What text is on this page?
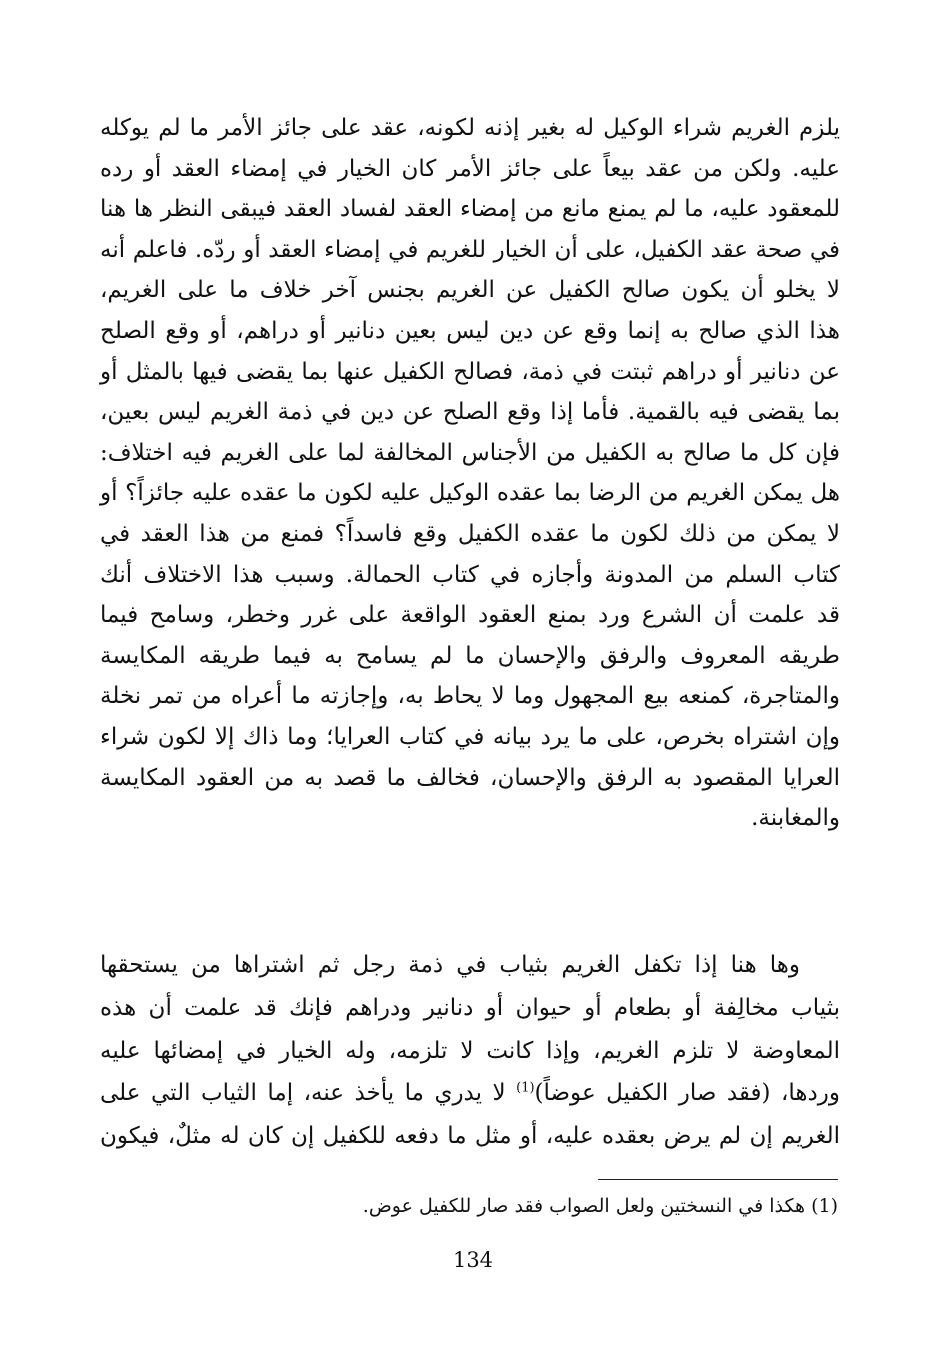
يلزم الغريم شراء الوكيل له بغير إذنه لكونه، عقد على جائز الأمر ما لم يوكله
عليه. ولكن من عقد بيعاً على جائز الأمر كان الخيار في إمضاء العقد أو رده
للمعقود عليه، ما لم يمنع مانع من إمضاء العقد لفساد العقد فيبقى النظر ها هنا
في صحة عقد الكفيل، على أن الخيار للغريم في إمضاء العقد أو ردّه. فاعلم أنه
لا يخلو أن يكون صالح الكفيل عن الغريم بجنس آخر خلاف ما على الغريم،
هذا الذي صالح به إنما وقع عن دين ليس بعين دنانير أو دراهم، أو وقع الصلح
عن دنانير أو دراهم ثبتت في ذمة، فصالح الكفيل عنها بما يقضى فيها بالمثل أو
بما يقضى فيه بالقمية. فأما إذا وقع الصلح عن دين في ذمة الغريم ليس بعين،
فإن كل ما صالح به الكفيل من الأجناس المخالفة لما على الغريم فيه اختلاف:
هل يمكن الغريم من الرضا بما عقده الوكيل عليه لكون ما عقده عليه جائزاً؟ أو
لا يمكن من ذلك لكون ما عقده الكفيل وقع فاسداً؟ فمنع من هذا العقد في
كتاب السلم من المدونة وأجازه في كتاب الحمالة. وسبب هذا الاختلاف أنك
قد علمت أن الشرع ورد بمنع العقود الواقعة على غرر وخطر، وسامح فيما
طريقه المعروف والرفق والإحسان ما لم يسامح به فيما طريقه المكايسة
والمتاجرة، كمنعه بيع المجهول وما لا يحاط به، وإجازته ما أعراه من تمر نخلة
وإن اشتراه بخرص، على ما يرد بيانه في كتاب العرايا؛ وما ذاك إلا لكون شراء
العرايا المقصود به الرفق والإحسان، فخالف ما قصد به من العقود المكايسة
والمغابنة.

وها هنا إذا تكفل الغريم بثياب في ذمة رجل ثم اشتراها من يستحقها
بثياب مخالِفة أو بطعام أو حيوان أو دنانير ودراهم فإنك قد علمت أن هذه
المعاوضة لا تلزم الغريم، وإذا كانت لا تلزمه، وله الخيار في إمضائها عليه
وردها، (فقد صار الكفيل عوضاً)$^{(1)}$ لا يدري ما يأخذ عنه، إما الثياب التي على
الغريم إن لم يرض بعقده عليه، أو مثل ما دفعه للكفيل إن كان له مثلٌ، فيكون

(1) هكذا في النسختين ولعل الصواب فقد صار للكفيل عوض.
134
